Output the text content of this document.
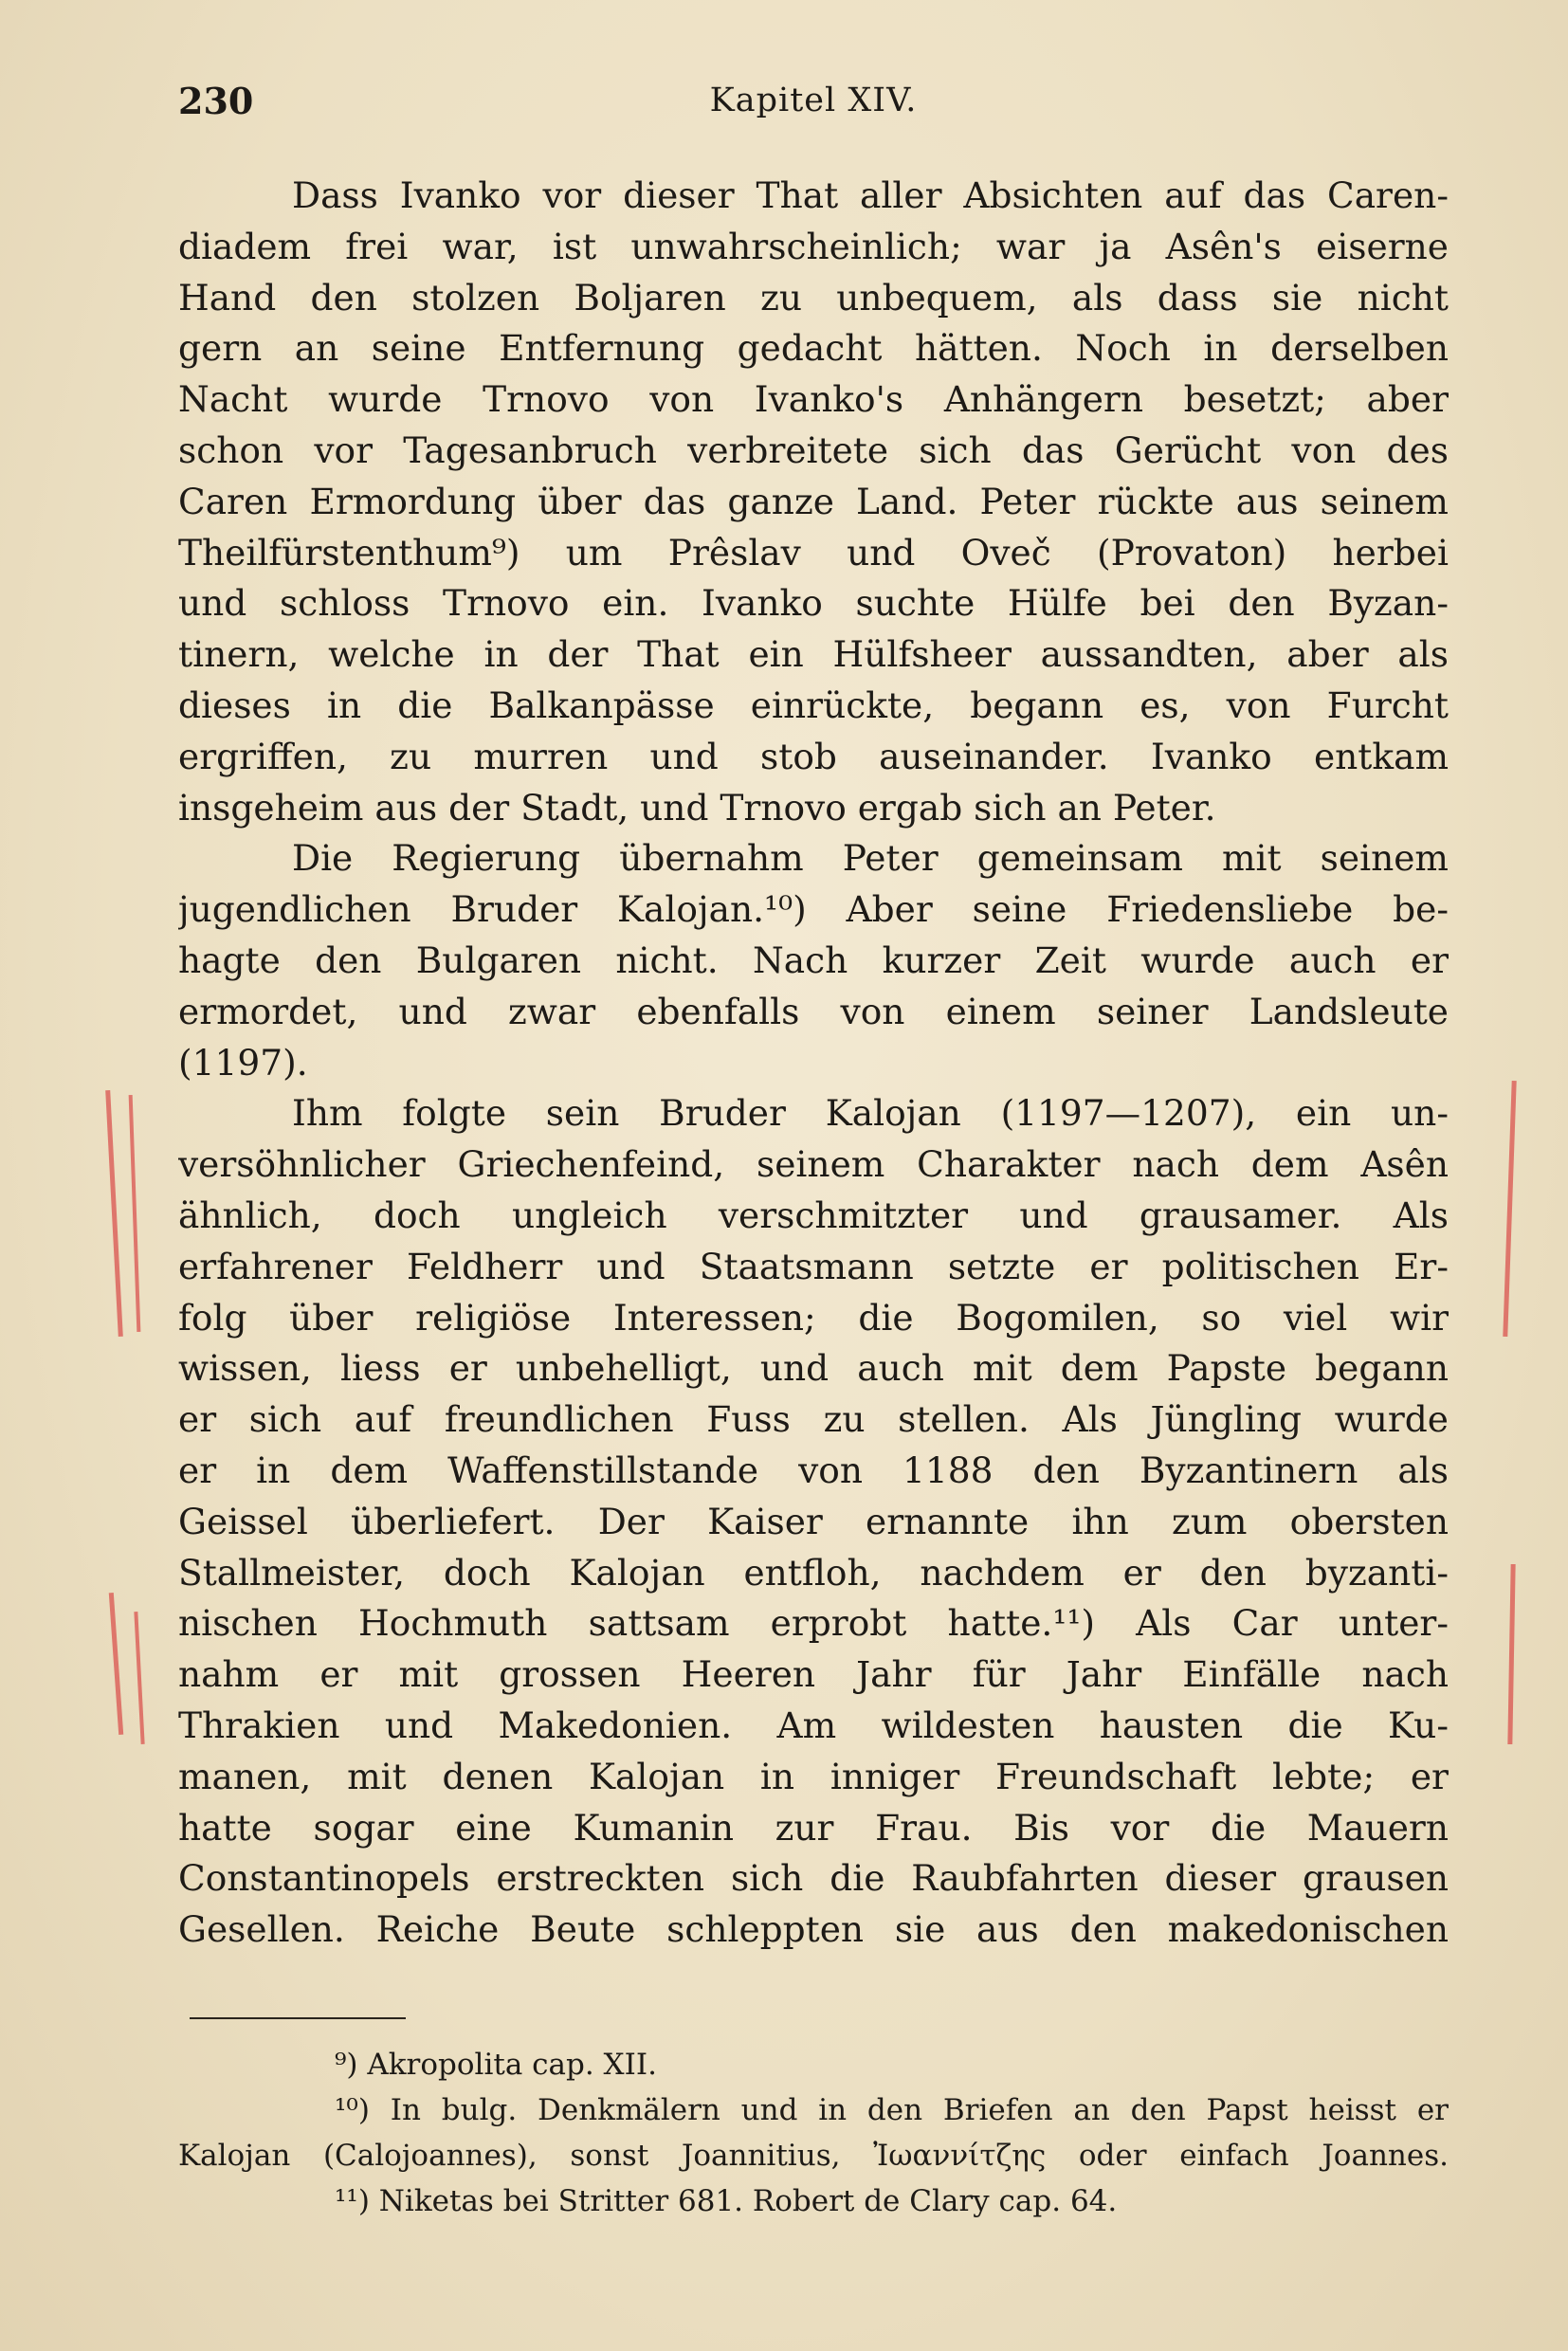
230	Kapitel XIV.
Dass Ivanko vor dieser That aller Absichten auf das Caren-
diadem frei war, ist unwahrscheinlich; war ja Asên's eiserne
Hand den stolzen Boljaren zu unbequem, als dass sie nicht
gern an seine Entfernung gedacht hätten. Noch in derselben
Nacht wurde Trnovo von Ivanko's Anhängern besetzt; aber
schon vor Tagesanbruch verbreitete sich das Gerücht von des
Caren Ermordung über das ganze Land. Peter rückte aus seinem
Theilfürstenthum⁹) um Prêslav und Oveč (Provaton) herbei
und schloss Trnovo ein. Ivanko suchte Hülfe bei den Byzan-
tinern, welche in der That ein Hülfsheer aussandten, aber als
dieses in die Balkanpässe einrückte, begann es, von Furcht
ergriffen, zu murren und stob auseinander. Ivanko entkam
insgeheim aus der Stadt, und Trnovo ergab sich an Peter.
Die Regierung übernahm Peter gemeinsam mit seinem
jugendlichen Bruder Kalojan.¹⁰) Aber seine Friedensliebe be-
hagte den Bulgaren nicht. Nach kurzer Zeit wurde auch er
ermordet, und zwar ebenfalls von einem seiner Landsleute
(1197).
Ihm folgte sein Bruder Kalojan (1197—1207), ein un-
versöhnlicher Griechenfeind, seinem Charakter nach dem Asên
ähnlich, doch ungleich verschmitzter und grausamer. Als
erfahrener Feldherr und Staatsmann setzte er politischen Er-
folg über religiöse Interessen; die Bogomilen, so viel wir
wissen, liess er unbehelligt, und auch mit dem Papste begann
er sich auf freundlichen Fuss zu stellen. Als Jüngling wurde
er in dem Waffenstillstande von 1188 den Byzantinern als
Geissel überliefert. Der Kaiser ernannte ihn zum obersten
Stallmeister, doch Kalojan entfloh, nachdem er den byzanti-
nischen Hochmuth sattsam erprobt hatte.¹¹) Als Car unter-
nahm er mit grossen Heeren Jahr für Jahr Einfälle nach
Thrakien und Makedonien. Am wildesten hausten die Ku-
manen, mit denen Kalojan in inniger Freundschaft lebte; er
hatte sogar eine Kumanin zur Frau. Bis vor die Mauern
Constantinopels erstreckten sich die Raubfahrten dieser grausen
Gesellen. Reiche Beute schleppten sie aus den makedonischen
⁹) Akropolita cap. XII.
¹⁰) In bulg. Denkmälern und in den Briefen an den Papst heisst er
Kalojan (Calojoannes), sonst Joannitius, Ἰωαννίτζης oder einfach Joannes.
¹¹) Niketas bei Stritter 681. Robert de Clary cap. 64.
